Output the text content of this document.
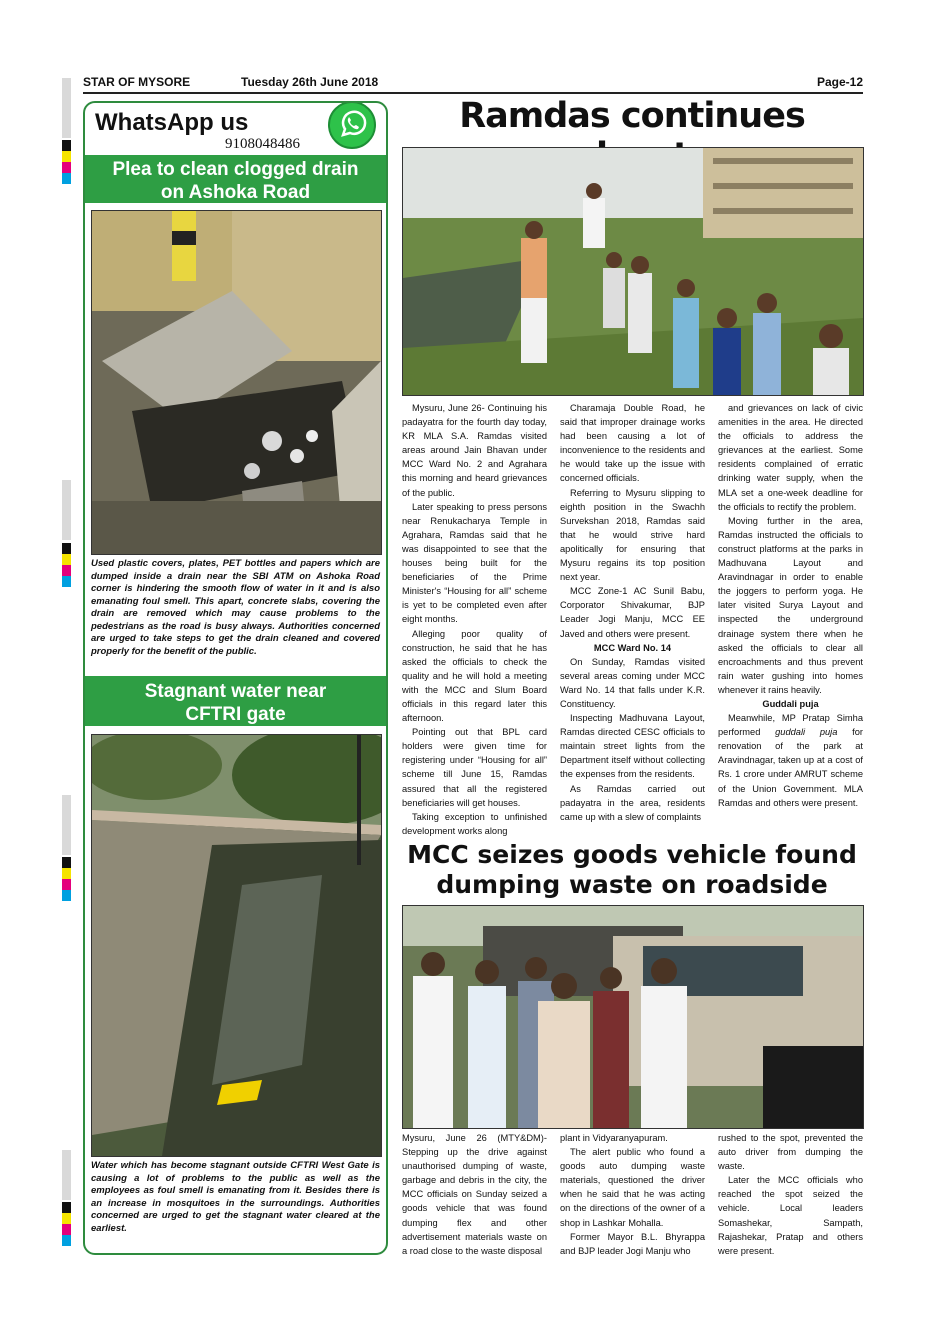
STAR OF MYSORE	Tuesday 26th June 2018	Page-12
WhatsApp us
9108048486
Plea to clean clogged drain on Ashoka Road
Used plastic covers, plates, PET bottles and papers which are dumped inside a drain near the SBI ATM on Ashoka Road corner is hindering the smooth flow of water in it and is also emanating foul smell. This apart, concrete slabs, covering the drain are removed which may cause problems to the pedestrians as the road is busy always. Authorities concerned are urged to take steps to get the drain cleaned and covered properly for the benefit of the public.
Stagnant water near CFTRI gate
Water which has become stagnant outside CFTRI West Gate is causing a lot of problems to the public as well as the employees as foul smell is emanating from it. Besides there is an increase in mosquitoes in the surroundings. Authorities concerned are urged to get the stagnant water cleared at the earliest.
Ramdas continues

Mysuru, June 26- Continuing his padayatra for the fourth day today, KR MLA S.A. Ramdas visited areas around Jain Bhavan under MCC Ward No. 2 and Agrahara this morning and heard grievances of the public.

Later speaking to press persons near Renukacharya Temple in Agrahara, Ramdas said that he was disappointed to see that the houses being built for the beneficiaries of the Prime Minister's “Housing for all” scheme is yet to be completed even after eight months.

Alleging poor quality of construction, he said that he has asked the officials to check the quality and he will hold a meeting with the MCC and Slum Board officials in this regard later this afternoon.

Pointing out that BPL card holders were given time for registering under “Housing for all” scheme till June 15, Ramdas assured that all the registered beneficiaries will get houses.

Taking exception to unfinished development works along

Charamaja Double Road, he said that improper drainage works had been causing a lot of inconvenience to the residents and he would take up the issue with concerned officials.

Referring to Mysuru slipping to eighth position in the Swachh Survekshan 2018, Ramdas said that he would strive hard apolitically for ensuring that Mysuru regains its top position next year.

MCC Zone-1 AC Sunil Babu, Corporator Shivakumar, BJP Leader Jogi Manju, MCC EE Javed and others were present.

MCC Ward No. 14

On Sunday, Ramdas visited several areas coming under MCC Ward No. 14 that falls under K.R. Constituency.

Inspecting Madhuvana Layout, Ramdas directed CESC officials to maintain street lights from the Department itself without collecting the expenses from the residents.

As Ramdas carried out padayatra in the area, residents came up with a slew of complaints

and grievances on lack of civic amenities in the area. He directed the officials to address the grievances at the earliest. Some residents complained of erratic drinking water supply, when the MLA set a one-week deadline for the officials to rectify the problem.

Moving further in the area, Ramdas instructed the officials to construct platforms at the parks in Madhuvana Layout and Aravindnagar in order to enable the joggers to perform yoga. He later visited Surya Layout and inspected the underground drainage system there when he asked the officials to clear all encroachments and thus prevent rain water gushing into homes whenever it rains heavily.

Guddali puja

Meanwhile, MP Pratap Simha performed guddali puja for renovation of the park at Aravindnagar, taken up at a cost of Rs. 1 crore under AMRUT scheme of the Union Government. MLA Ramdas and others were present.

MCC seizes goods vehicle found
dumping waste on roadside

Mysuru, June 26 (MTY&DM)- Stepping up the drive against unauthorised dumping of waste, garbage and debris in the city, the MCC officials on Sunday seized a goods vehicle that was found dumping flex and other advertisement materials waste on a road close to the waste disposal

plant in Vidyaranyapuram.

The alert public who found a goods auto dumping waste materials, questioned the driver when he said that he was acting on the directions of the owner of a shop in Lashkar Mohalla.

Former Mayor B.L. Bhyrappa and BJP leader Jogi Manju who

rushed to the spot, prevented the auto driver from dumping the waste.

Later the MCC officials who reached the spot seized the vehicle. Local leaders Somashekar, Sampath, Rajashekar, Pratap and others were present.
